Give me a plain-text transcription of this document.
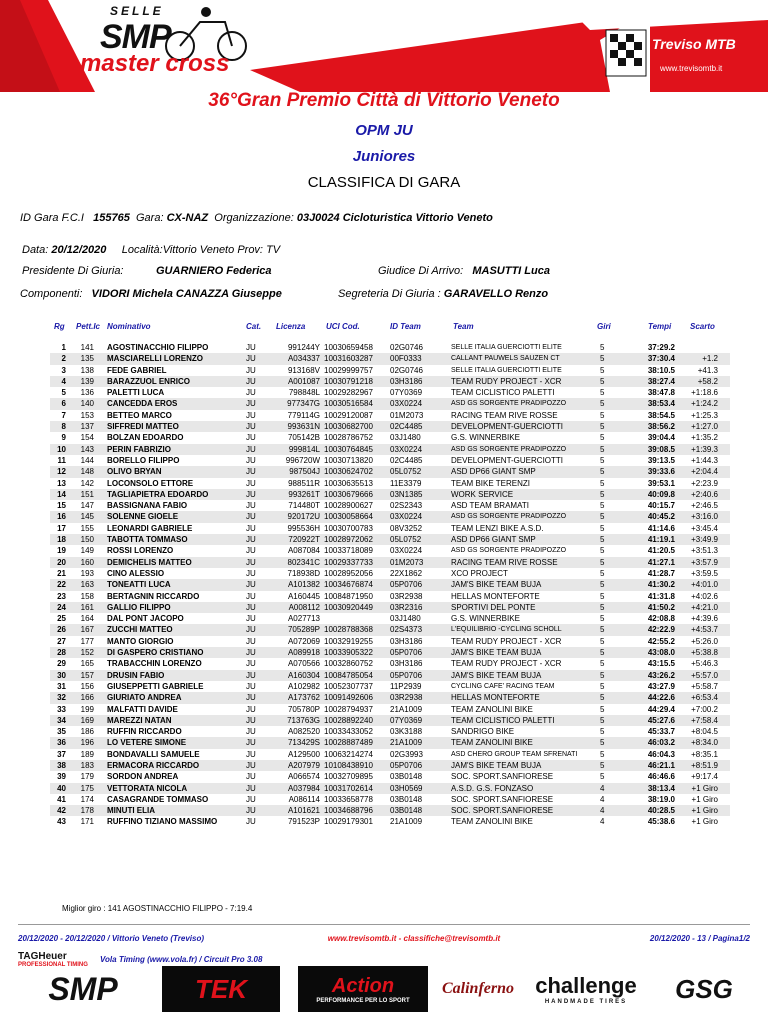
SELLE
SMP
master cross
Treviso MTB
www.trevisomtb.it
36°Gran Premio Città di Vittorio Veneto
OPM JU
Juniores
CLASSIFICA DI GARA
ID Gara F.C.I 155765 Gara: CX-NAZ Organizzazione: 03J0024 Cicloturistica Vittorio Veneto
Data: 20/12/2020 Località:Vittorio Veneto Prov: TV
Presidente Di Giuria:	GUARNIERO Federica	Giudice Di Arrivo: MASUTTI Luca
Componenti: VIDORI Michela CANAZZA Giuseppe	Segreteria Di Giuria : GARAVELLO Renzo
Rg Pett.Ic Nominativo	Cat. Licenza	UCI Cod.	ID Team	Team	Giri	Tempi Scarto
1	141 AGOSTINACCHIO FILIPPO	JU	991244Y 10030659458 02G0746	SELLE ITALIA GUERCIOTTI ELITE	5	37:29.2
2	135 MASCIARELLI LORENZO	JU	A034337 10031603287 00F0333	CALLANT PAUWELS SAUZEN CT	5	37:30.4	+1.2
3	138 FEDE GABRIEL	JU	913168V 10029999757 02G0746	SELLE ITALIA GUERCIOTTI ELITE	5	38:10.5	+41.3
4	139 BARAZZUOL ENRICO	JU	A001087 10030791218 03H3186	TEAM RUDY PROJECT - XCR	5	38:27.4	+58.2
5	136 PALETTI LUCA	JU	798848L 10029282967 07Y0369	TEAM CICLISTICO PALETTI	5	38:47.8	+1:18.6
6	140 CANCEDDA EROS	JU	977347G 10030516584 03X0224	ASD GS SORGENTE PRADIPOZZO	5	38:53.4	+1:24.2
7	153 BETTEO MARCO	JU	779114G 10029120087 01M2073	RACING TEAM RIVE ROSSE	5	38:54.5	+1:25.3
8	137 SIFFREDI MATTEO	JU	993631N 10030682700 02C4485	DEVELOPMENT-GUERCIOTTI	5	38:56.2	+1:27.0
9	154 BOLZAN EDOARDO	JU	705142B 10028786752 03J1480	G.S. WINNERBIKE	5	39:04.4	+1:35.2
10	143 PERIN FABRIZIO	JU	999814L 10030764845 03X0224	ASD GS SORGENTE PRADIPOZZO	5	39:08.5	+1:39.3
11	144 BORELLO FILIPPO	JU	996720W 10030713820 02C4485	DEVELOPMENT-GUERCIOTTI	5	39:13.5	+1:44.3
12	148 OLIVO BRYAN	JU	987504J 10030624702 05L0752	ASD DP66 GIANT SMP	5	39:33.6	+2:04.4
13	142 LOCONSOLO ETTORE	JU	988511R 10030635513 11E3379	TEAM BIKE TERENZI	5	39:53.1	+2:23.9
14	151 TAGLIAPIETRA EDOARDO	JU	993261T 10030679666 03N1385	WORK SERVICE	5	40:09.8	+2:40.6
15	147 BASSIGNANA FABIO	JU	714480T 10028900627 02S2343	ASD TEAM BRAMATI	5	40:15.7	+2:46.5
16	145 SOLENNE GIOELE	JU	920172U 10030058664 03X0224	ASD GS SORGENTE PRADIPOZZO	5	40:45.2	+3:16.0
17	155 LEONARDI GABRIELE	JU	995536H 10030700783 08V3252	TEAM LENZI BIKE A.S.D.	5	41:14.6	+3:45.4
18	150 TABOTTA TOMMASO	JU	720922T 10028972062 05L0752	ASD DP66 GIANT SMP	5	41:19.1	+3:49.9
19	149 ROSSI LORENZO	JU	A087084 10033718089 03X0224	ASD GS SORGENTE PRADIPOZZO	5	41:20.5	+3:51.3
20	160 DEMICHELIS MATTEO	JU	802341C 10029337733 01M2073	RACING TEAM RIVE ROSSE	5	41:27.1	+3:57.9
21	193 CINO ALESSIO	JU	718938D 10028952056 22X1862	XCO PROJECT	5	41:28.7	+3:59.5
22	163 TONEATTI LUCA	JU	A101382 10034676874 05P0706	JAM'S BIKE TEAM BUJA	5	41:30.2	+4:01.0
23	158 BERTAGNIN RICCARDO	JU	A160445 10084871950 03R2938	HELLAS MONTEFORTE	5	41:31.8	+4:02.6
24	161 GALLIO FILIPPO	JU	A008112 10030920449 03R2316	SPORTIVI DEL PONTE	5	41:50.2	+4:21.0
25	164 DAL PONT JACOPO	JU	A027713	03J1480	G.S. WINNERBIKE	5	42:08.8	+4:39.6
26	167 ZUCCHI MATTEO	JU	705289P 10028788368 02S4373	L'EQUILIBRIO -CYCLING SCHOLL	5	42:22.9	+4:53.7
27	177 MANTO GIORGIO	JU	A072069 10032919255 03H3186	TEAM RUDY PROJECT - XCR	5	42:55.2	+5:26.0
28	152 DI GASPERO CRISTIANO	JU	A089918 10033905322 05P0706	JAM'S BIKE TEAM BUJA	5	43:08.0	+5:38.8
29	165 TRABACCHIN LORENZO	JU	A070566 10032860752 03H3186	TEAM RUDY PROJECT - XCR	5	43:15.5	+5:46.3
30	157 DRUSIN FABIO	JU	A160304 10084785054 05P0706	JAM'S BIKE TEAM BUJA	5	43:26.2	+5:57.0
31	156 GIUSEPPETTI GABRIELE	JU	A102982 10052307737 11P2939	CYCLING CAFE' RACING TEAM	5	43:27.9	+5:58.7
32	166 GIURIATO ANDREA	JU	A173762 10091492606 03R2938	HELLAS MONTEFORTE	5	44:22.6	+6:53.4
33	199 MALFATTI DAVIDE	JU	705780P 10028794937 21A1009	TEAM ZANOLINI BIKE	5	44:29.4	+7:00.2
34	169 MAREZZI NATAN	JU	713763G 10028892240 07Y0369	TEAM CICLISTICO PALETTI	5	45:27.6	+7:58.4
35	186 RUFFIN RICCARDO	JU	A082520 10033433052 03K3188	SANDRIGO BIKE	5	45:33.7	+8:04.5
36	196 LO VETERE SIMONE	JU	713429S 10028887489 21A1009	TEAM ZANOLINI BIKE	5	46:03.2	+8:34.0
37	189 BONDAVALLI SAMUELE	JU	A129500 10063214274 02G3993	ASD CHERO GROUP TEAM SFRENATI	5	46:04.3	+8:35.1
38	183 ERMACORA RICCARDO	JU	A207979 10108438910 05P0706	JAM'S BIKE TEAM BUJA	5	46:21.1	+8:51.9
39	179 SORDON ANDREA	JU	A066574 10032709895 03B0148	SOC. SPORT.SANFIORESE	5	46:46.6	+9:17.4
40	175 VETTORATA NICOLA	JU	A037984 10031702614 03H0569	A.S.D. G.S. FONZASO	4	38:13.4	+1 Giro
41	174 CASAGRANDE TOMMASO	JU	A086114 10033658778 03B0148	SOC. SPORT.SANFIORESE	4	38:19.0	+1 Giro
42	178 MINUTI ELIA	JU	A101621 10034688796 03B0148	SOC. SPORT.SANFIORESE	4	40:28.5	+1 Giro
43	171 RUFFINO TIZIANO MASSIMO	JU	791523P 10029179301 21A1009	TEAM ZANOLINI BIKE	4	45:38.6	+1 Giro
Miglior giro : 141 AGOSTINACCHIO FILIPPO - 7:19.4
20/12/2020 - 20/12/2020 / Vittorio Veneto (Treviso)	www.trevisomtb.it - classifiche@trevisomtb.it	20/12/2020 - 13 / Pagina1/2
TAGHeuer
PROFESSIONAL TIMING
Vola Timing (www.vola.fr) / Circuit Pro 3.08
SMP	TEK	Action
PERFORMANCE PER LO SPORT
Calinferno challenge
HANDMADE TIRES GSG
